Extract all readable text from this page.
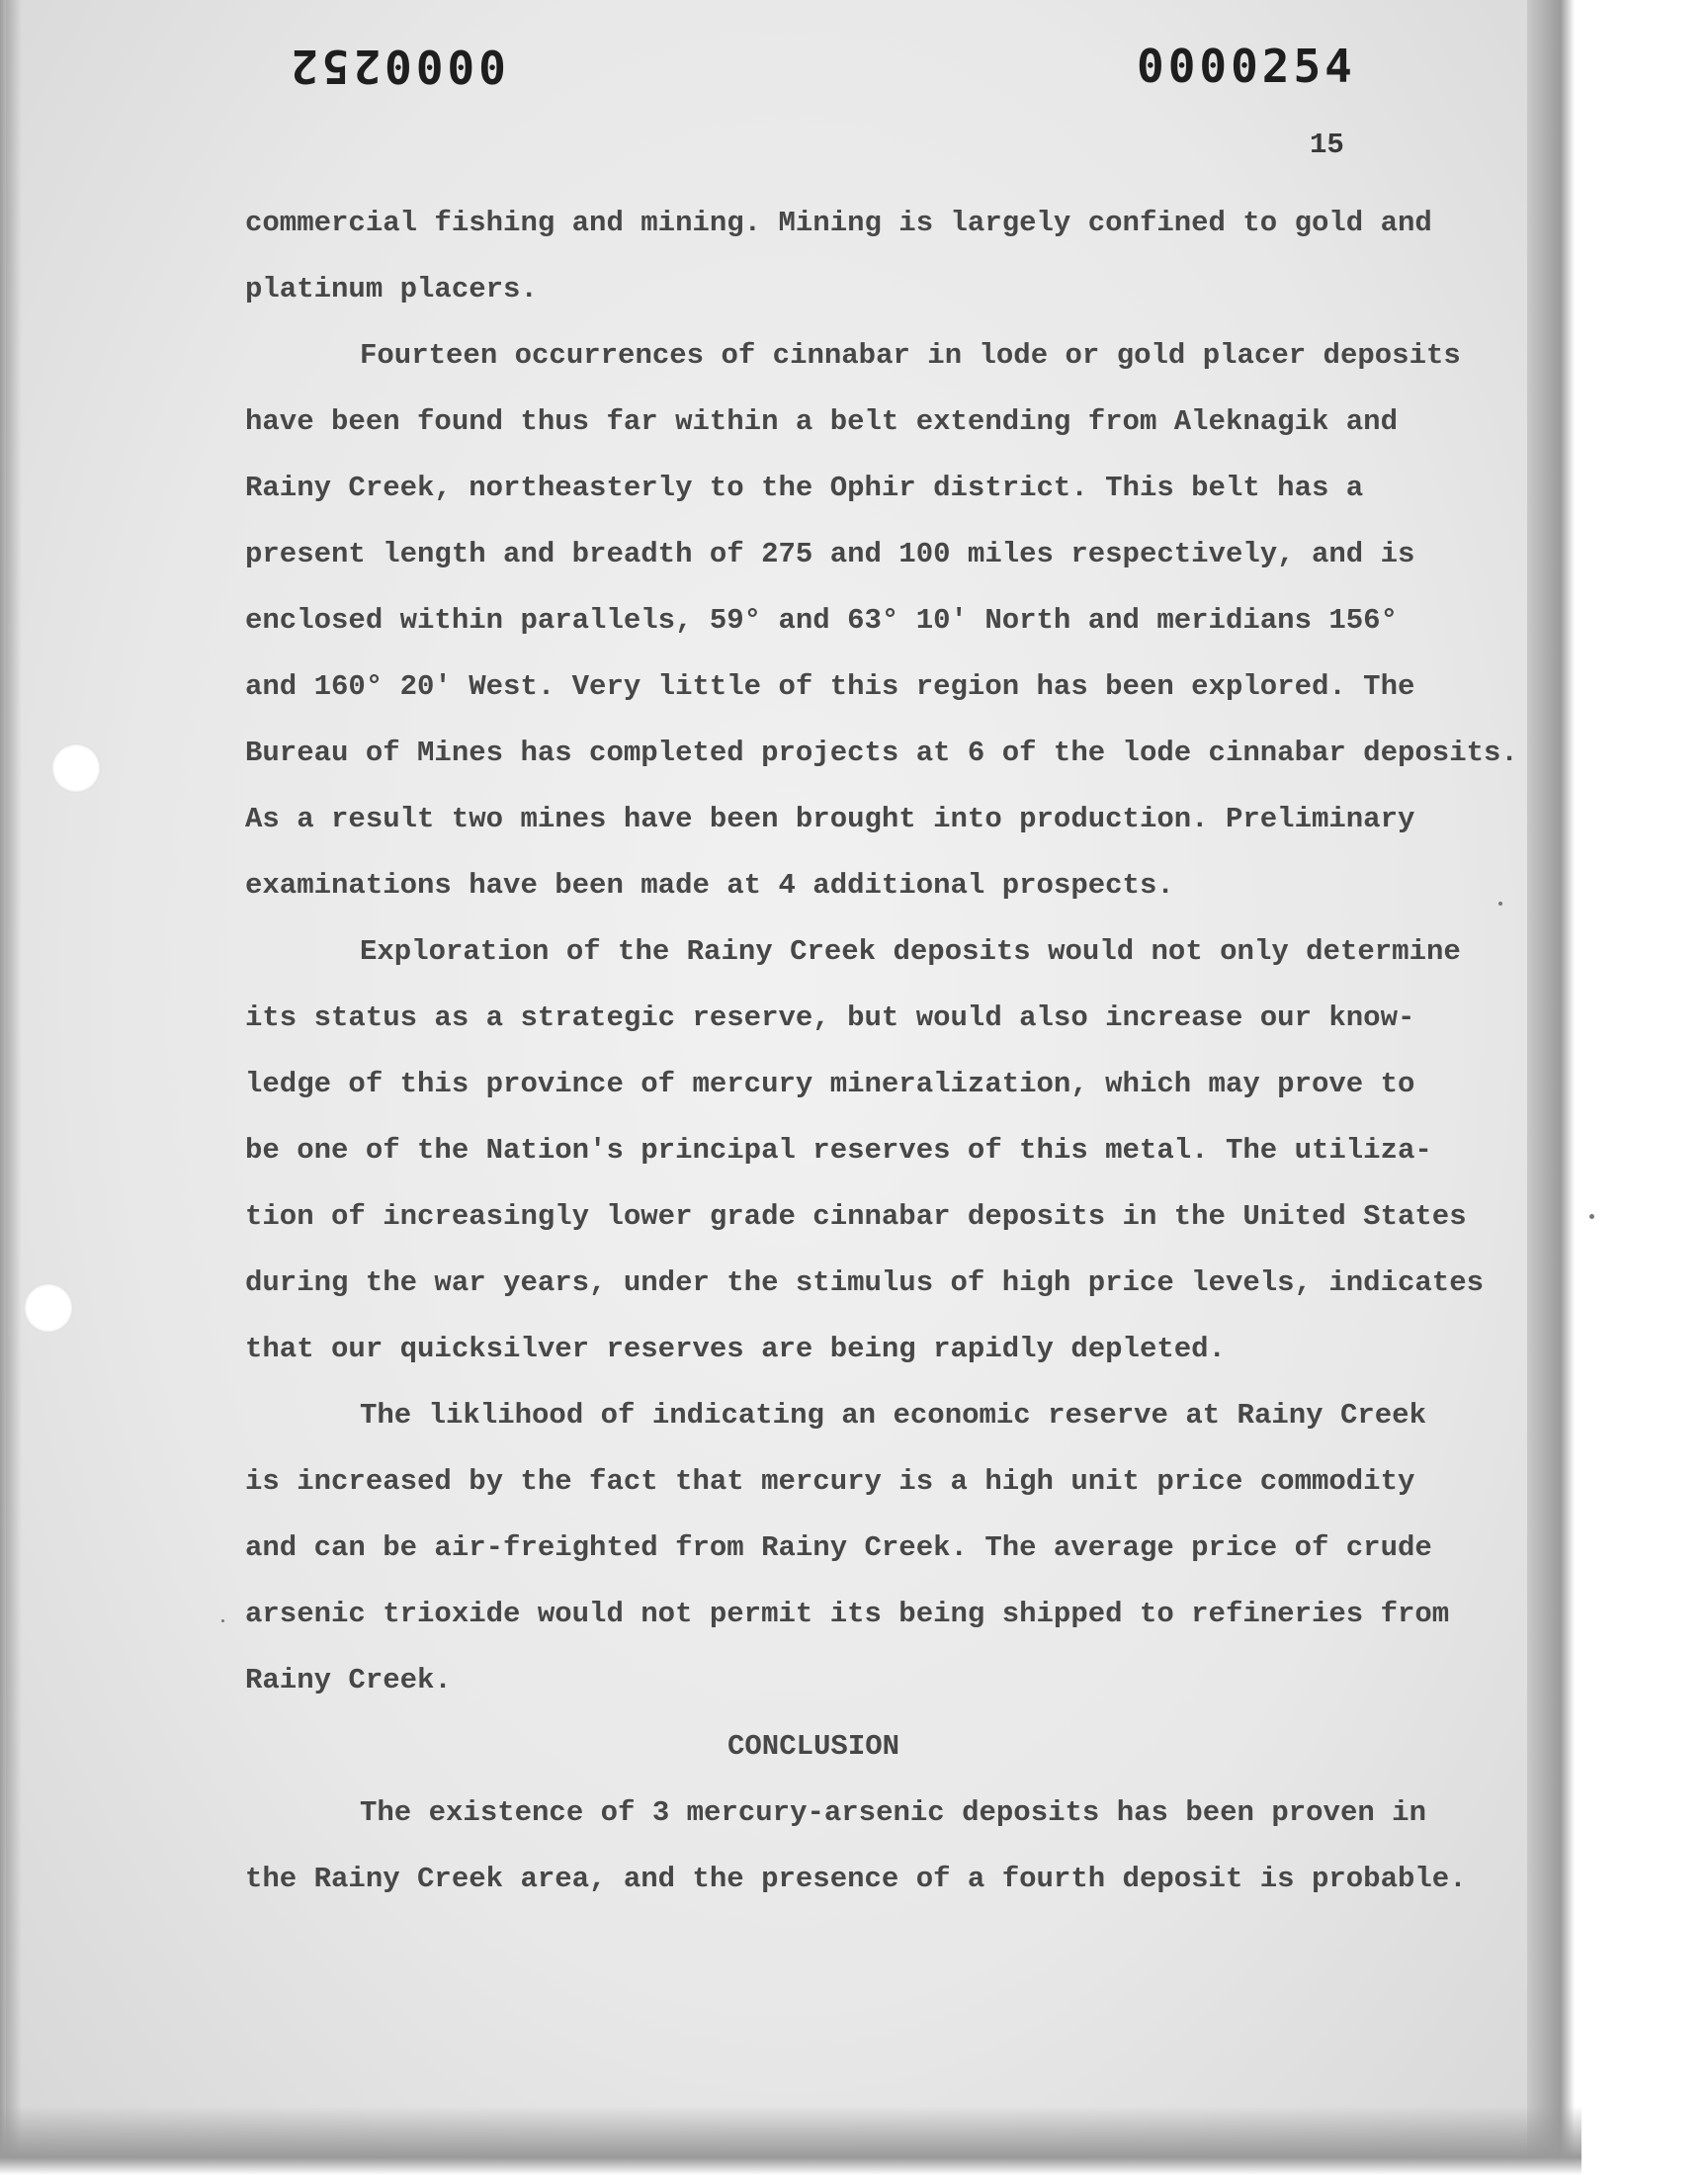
0000252	0000254
15
commercial fishing and mining. Mining is largely confined to gold and
platinum placers.
Fourteen occurrences of cinnabar in lode or gold placer deposits
have been found thus far within a belt extending from Aleknagik and
Rainy Creek, northeasterly to the Ophir district. This belt has a
present length and breadth of 275 and 100 miles respectively, and is
enclosed within parallels, 59° and 63° 10' North and meridians 156°
and 160° 20' West. Very little of this region has been explored. The
Bureau of Mines has completed projects at 6 of the lode cinnabar deposits.
As a result two mines have been brought into production. Preliminary
examinations have been made at 4 additional prospects.
Exploration of the Rainy Creek deposits would not only determine
its status as a strategic reserve, but would also increase our know-
ledge of this province of mercury mineralization, which may prove to
be one of the Nation's principal reserves of this metal. The utiliza-
tion of increasingly lower grade cinnabar deposits in the United States
during the war years, under the stimulus of high price levels, indicates
that our quicksilver reserves are being rapidly depleted.
The liklihood of indicating an economic reserve at Rainy Creek
is increased by the fact that mercury is a high unit price commodity
and can be air-freighted from Rainy Creek. The average price of crude
arsenic trioxide would not permit its being shipped to refineries from
Rainy Creek.
CONCLUSION
The existence of 3 mercury-arsenic deposits has been proven in
the Rainy Creek area, and the presence of a fourth deposit is probable.
